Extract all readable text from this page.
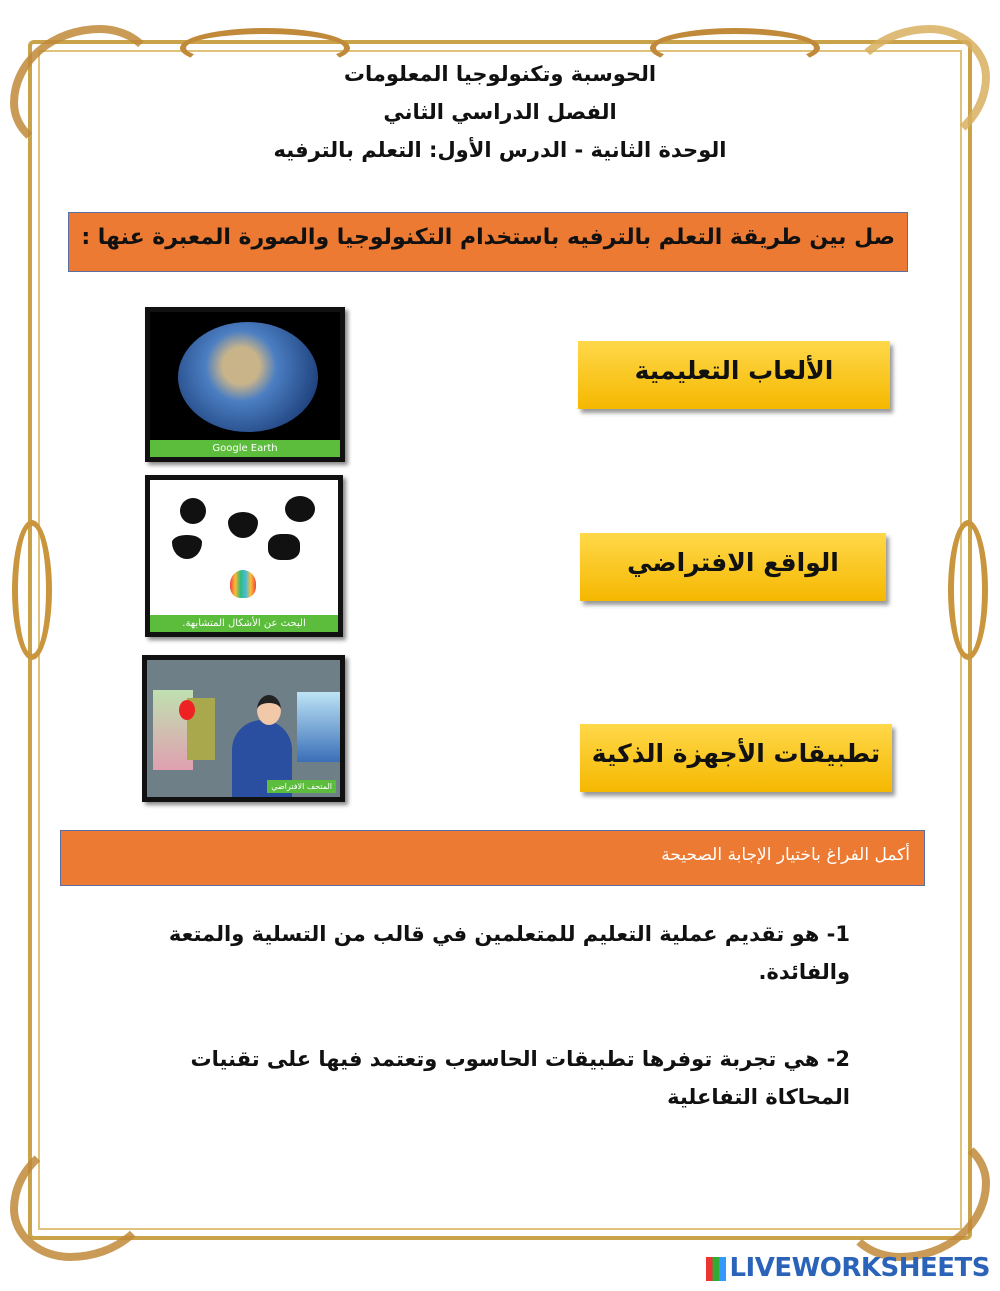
الحوسبة وتكنولوجيا المعلومات
الفصل الدراسي الثاني
الوحدة الثانية - الدرس الأول: التعلم بالترفيه
صل بين طريقة التعلم بالترفيه باستخدام التكنولوجيا والصورة المعبرة عنها :
Google Earth
البحث عن الأشكال المتشابهة.
المتحف الافتراضي
الألعاب التعليمية
الواقع الافتراضي
تطبيقات الأجهزة الذكية
أكمل الفراغ باختيار الإجابة الصحيحة
1- هو تقديم عملية التعليم للمتعلمين في قالب من التسلية والمتعة والفائدة.
2- هي تجربة توفرها تطبيقات الحاسوب وتعتمد فيها على تقنيات المحاكاة التفاعلية
LIVEWORKSHEETS
